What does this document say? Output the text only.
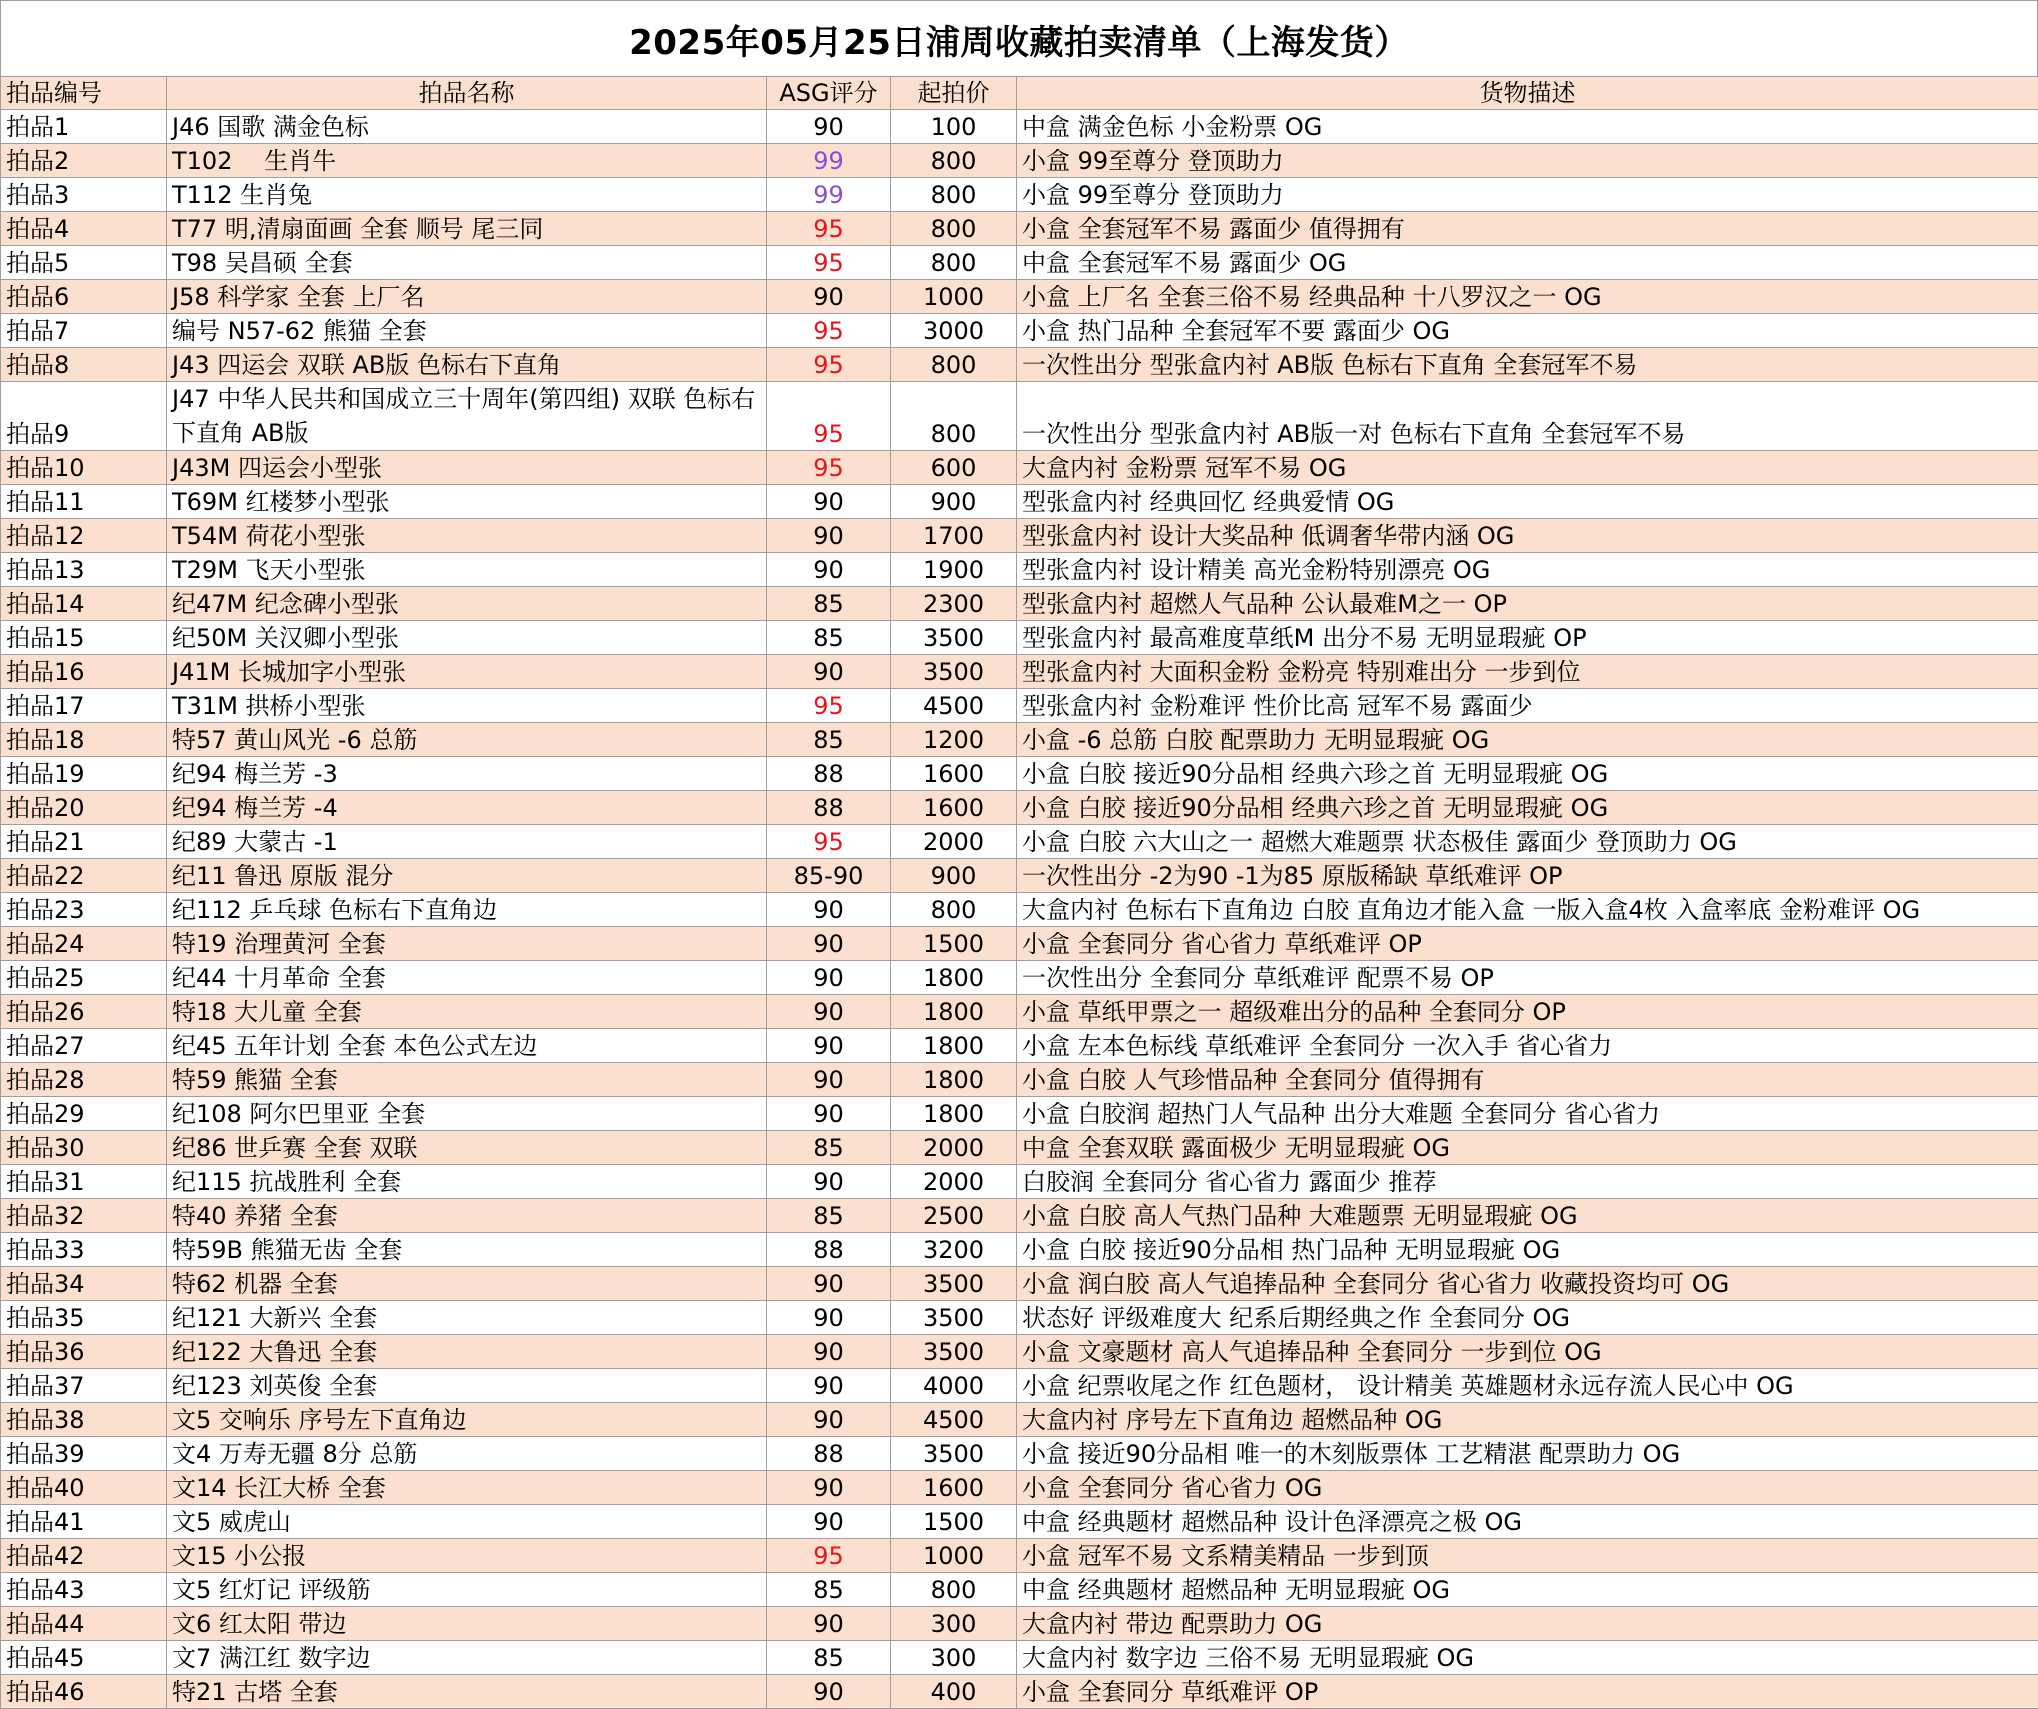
2025年05月25日浦周收藏拍卖清单（上海发货）
拍品编号	拍品名称	ASG评分	起拍价	货物描述
拍品1	J46 国歌 满金色标	90	100	中盒 满金色标 小金粉票 OG
拍品2	T102　 生肖牛	99	800	小盒 99至尊分 登顶助力
拍品3	T112 生肖兔	99	800	小盒 99至尊分 登顶助力
拍品4	T77 明,清扇面画 全套 顺号 尾三同	95	800	小盒 全套冠军不易 露面少 值得拥有
拍品5	T98 吴昌硕 全套	95	800	中盒 全套冠军不易 露面少 OG
拍品6	J58 科学家 全套 上厂名	90	1000	小盒 上厂名 全套三俗不易 经典品种 十八罗汉之一 OG
拍品7	编号 N57-62 熊猫 全套	95	3000	小盒 热门品种 全套冠军不要 露面少 OG
拍品8	J43 四运会 双联 AB版 色标右下直角	95	800	一次性出分 型张盒内衬 AB版 色标右下直角 全套冠军不易
拍品9	J47 中华人民共和国成立三十周年(第四组) 双联 色标右下直角 AB版	95	800	一次性出分 型张盒内衬 AB版一对 色标右下直角 全套冠军不易
拍品10	J43M 四运会小型张	95	600	大盒内衬 金粉票 冠军不易 OG
拍品11	T69M 红楼梦小型张	90	900	型张盒内衬 经典回忆 经典爱情 OG
拍品12	T54M 荷花小型张	90	1700	型张盒内衬 设计大奖品种 低调奢华带内涵 OG
拍品13	T29M 飞天小型张	90	1900	型张盒内衬 设计精美 高光金粉特别漂亮 OG
拍品14	纪47M 纪念碑小型张	85	2300	型张盒内衬 超燃人气品种 公认最难M之一 OP
拍品15	纪50M 关汉卿小型张	85	3500	型张盒内衬 最高难度草纸M 出分不易 无明显瑕疵 OP
拍品16	J41M 长城加字小型张	90	3500	型张盒内衬 大面积金粉 金粉亮 特别难出分 一步到位
拍品17	T31M 拱桥小型张	95	4500	型张盒内衬 金粉难评 性价比高 冠军不易 露面少
拍品18	特57 黄山风光 -6 总筋	85	1200	小盒 -6 总筋 白胶 配票助力 无明显瑕疵 OG
拍品19	纪94 梅兰芳 -3	88	1600	小盒 白胶 接近90分品相 经典六珍之首 无明显瑕疵 OG
拍品20	纪94 梅兰芳 -4	88	1600	小盒 白胶 接近90分品相 经典六珍之首 无明显瑕疵 OG
拍品21	纪89 大蒙古 -1	95	2000	小盒 白胶 六大山之一 超燃大难题票 状态极佳 露面少 登顶助力 OG
拍品22	纪11 鲁迅 原版 混分	85-90	900	一次性出分 -2为90 -1为85 原版稀缺 草纸难评 OP
拍品23	纪112 乒乓球 色标右下直角边	90	800	大盒内衬 色标右下直角边 白胶 直角边才能入盒 一版入盒4枚 入盒率底 金粉难评 OG
拍品24	特19 治理黄河 全套	90	1500	小盒 全套同分 省心省力 草纸难评 OP
拍品25	纪44 十月革命 全套	90	1800	一次性出分 全套同分 草纸难评 配票不易 OP
拍品26	特18 大儿童 全套	90	1800	小盒 草纸甲票之一 超级难出分的品种 全套同分 OP
拍品27	纪45 五年计划 全套 本色公式左边	90	1800	小盒 左本色标线 草纸难评 全套同分 一次入手 省心省力
拍品28	特59 熊猫 全套	90	1800	小盒 白胶 人气珍惜品种 全套同分 值得拥有
拍品29	纪108 阿尔巴里亚 全套	90	1800	小盒 白胶润 超热门人气品种 出分大难题 全套同分 省心省力
拍品30	纪86 世乒赛 全套 双联	85	2000	中盒 全套双联 露面极少 无明显瑕疵 OG
拍品31	纪115 抗战胜利 全套	90	2000	白胶润 全套同分 省心省力 露面少 推荐
拍品32	特40 养猪 全套	85	2500	小盒 白胶 高人气热门品种 大难题票 无明显瑕疵 OG
拍品33	特59B 熊猫无齿 全套	88	3200	小盒 白胶 接近90分品相 热门品种 无明显瑕疵 OG
拍品34	特62 机器 全套	90	3500	小盒 润白胶 高人气追捧品种 全套同分 省心省力 收藏投资均可 OG
拍品35	纪121 大新兴 全套	90	3500	状态好 评级难度大 纪系后期经典之作 全套同分 OG
拍品36	纪122 大鲁迅 全套	90	3500	小盒 文豪题材 高人气追捧品种 全套同分 一步到位 OG
拍品37	纪123 刘英俊 全套	90	4000	小盒 纪票收尾之作 红色题材， 设计精美 英雄题材永远存流人民心中 OG
拍品38	文5 交响乐 序号左下直角边	90	4500	大盒内衬 序号左下直角边 超燃品种 OG
拍品39	文4 万寿无疆 8分 总筋	88	3500	小盒 接近90分品相 唯一的木刻版票体 工艺精湛 配票助力 OG
拍品40	文14 长江大桥 全套	90	1600	小盒 全套同分 省心省力 OG
拍品41	文5 威虎山	90	1500	中盒 经典题材 超燃品种 设计色泽漂亮之极 OG
拍品42	文15 小公报	95	1000	小盒 冠军不易 文系精美精品 一步到顶
拍品43	文5 红灯记 评级筋	85	800	中盒 经典题材 超燃品种 无明显瑕疵 OG
拍品44	文6 红太阳 带边	90	300	大盒内衬 带边 配票助力 OG
拍品45	文7 满江红 数字边	85	300	大盒内衬 数字边 三俗不易 无明显瑕疵 OG
拍品46	特21 古塔 全套	90	400	小盒 全套同分 草纸难评 OP
